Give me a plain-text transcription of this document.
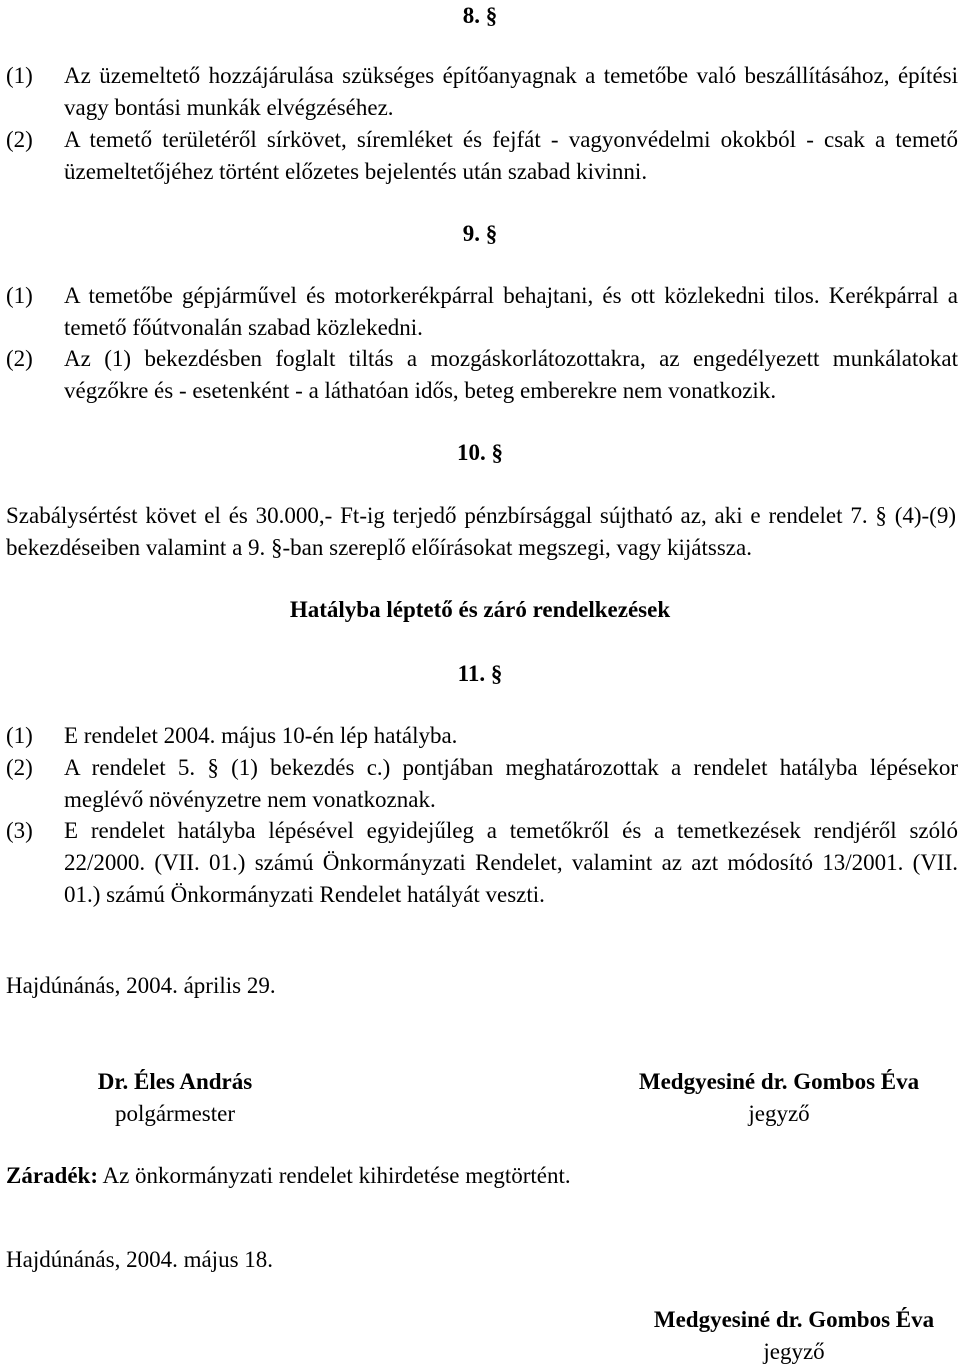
8. §
(1) Az üzemeltető hozzájárulása szükséges építőanyagnak a temetőbe való beszállításához, építési vagy bontási munkák elvégzéséhez.
(2) A temető területéről sírkövet, síremléket és fejfát - vagyonvédelmi okokból - csak a temető üzemeltetőjéhez történt előzetes bejelentés után szabad kivinni.
9. §
(1) A temetőbe gépjárművel és motorkerékpárral behajtani, és ott közlekedni tilos. Kerékpárral a temető főútvonalán szabad közlekedni.
(2) Az (1) bekezdésben foglalt tiltás a mozgáskorlátozottakra, az engedélyezett munkálatokat végzőkre és - esetenként - a láthatóan idős, beteg emberekre nem vonatkozik.
10. §
Szabálysértést követ el és 30.000,- Ft-ig terjedő pénzbírsággal sújtható az, aki e rendelet 7. § (4)-(9) bekezdéseiben valamint a 9. §-ban szereplő előírásokat megszegi, vagy kijátssza.
Hatályba léptető és záró rendelkezések
11. §
(1) E rendelet 2004. május 10-én lép hatályba.
(2) A rendelet 5. § (1) bekezdés c.) pontjában meghatározottak a rendelet hatályba lépésekor meglévő növényzetre nem vonatkoznak.
(3) E rendelet hatályba lépésével egyidejűleg a temetőkről és a temetkezések rendjéről szóló 22/2000. (VII. 01.) számú Önkormányzati Rendelet, valamint az azt módosító 13/2001. (VII. 01.) számú Önkormányzati Rendelet hatályát veszti.
Hajdúnánás, 2004. április 29.
Dr. Éles András
polgármester
Medgyesiné dr. Gombos Éva
jegyző
Záradék: Az önkormányzati rendelet kihirdetése megtörtént.
Hajdúnánás, 2004. május 18.
Medgyesiné dr. Gombos Éva
jegyző
